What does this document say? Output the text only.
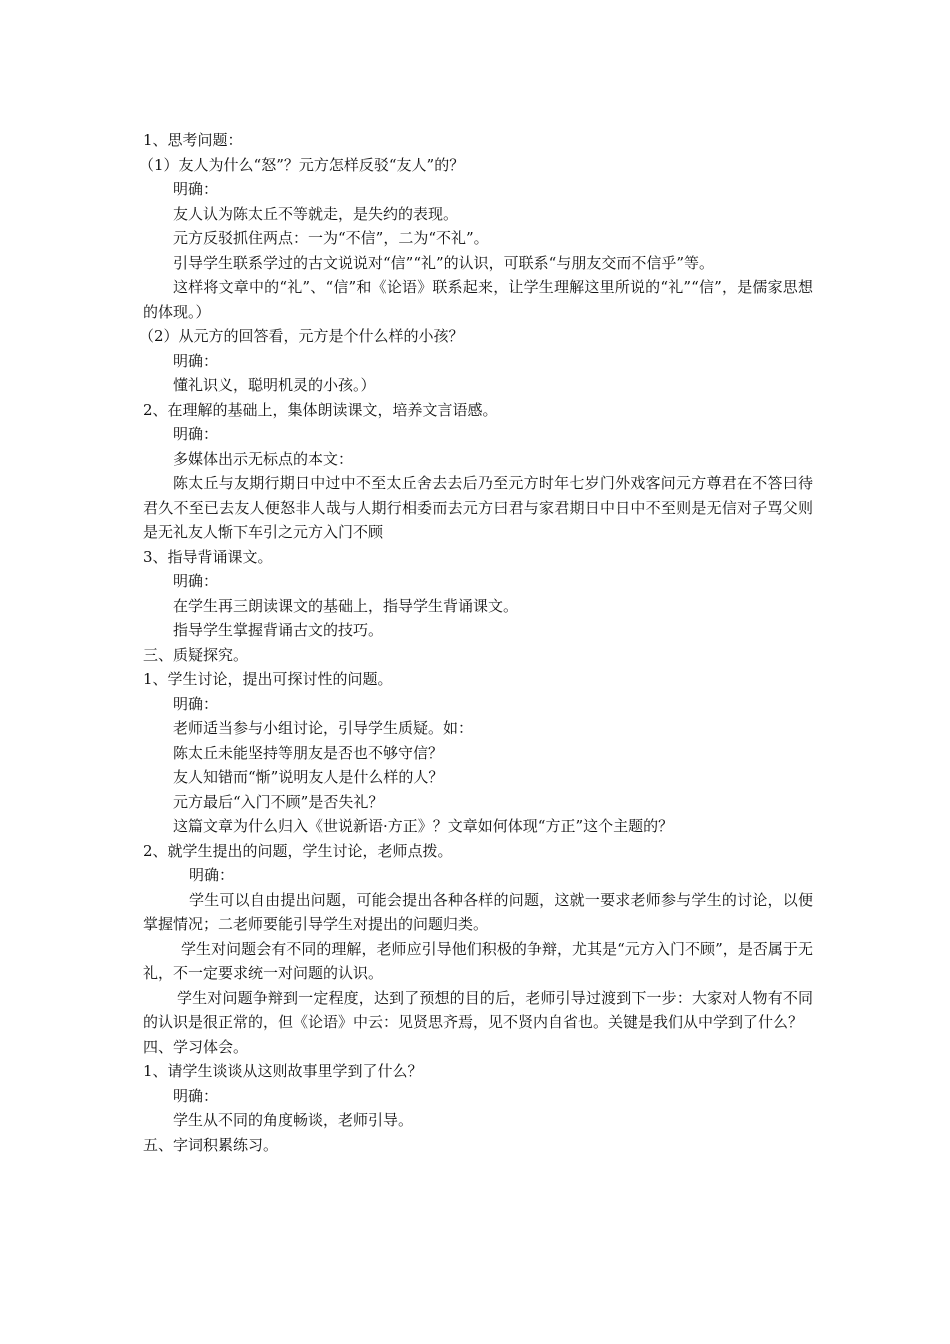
1、思考问题：
（1）友人为什么“怒”？元方怎样反驳“友人”的？
明确：
友人认为陈太丘不等就走，是失约的表现。
元方反驳抓住两点：一为“不信”，二为“不礼”。
引导学生联系学过的古文说说对“信”“礼”的认识，可联系“与朋友交而不信乎”等。
这样将文章中的“礼”、“信”和《论语》联系起来，让学生理解这里所说的“礼”“信”，是儒家思想的体现。）
（2）从元方的回答看，元方是个什么样的小孩？
明确：
懂礼识义，聪明机灵的小孩。）
2、在理解的基础上，集体朗读课文，培养文言语感。
明确：
多媒体出示无标点的本文：
陈太丘与友期行期日中过中不至太丘舍去去后乃至元方时年七岁门外戏客问元方尊君在不答曰待君久不至已去友人便怒非人哉与人期行相委而去元方曰君与家君期日中日中不至则是无信对子骂父则是无礼友人惭下车引之元方入门不顾
3、指导背诵课文。
明确：
在学生再三朗读课文的基础上，指导学生背诵课文。
指导学生掌握背诵古文的技巧。
三、质疑探究。
1、学生讨论，提出可探讨性的问题。
明确：
老师适当参与小组讨论，引导学生质疑。如：
陈太丘未能坚持等朋友是否也不够守信？
友人知错而“惭”说明友人是什么样的人？
元方最后“入门不顾”是否失礼？
这篇文章为什么归入《世说新语·方正》？文章如何体现“方正”这个主题的？
2、就学生提出的问题，学生讨论，老师点拨。
明确：
学生可以自由提出问题，可能会提出各种各样的问题，这就一要求老师参与学生的讨论，以便掌握情况；二老师要能引导学生对提出的问题归类。
学生对问题会有不同的理解，老师应引导他们积极的争辩，尤其是“元方入门不顾”，是否属于无礼，不一定要求统一对问题的认识。
学生对问题争辩到一定程度，达到了预想的目的后，老师引导过渡到下一步：大家对人物有不同的认识是很正常的，但《论语》中云：见贤思齐焉，见不贤内自省也。关键是我们从中学到了什么？
四、学习体会。
1、请学生谈谈从这则故事里学到了什么？
明确：
学生从不同的角度畅谈，老师引导。
五、字词积累练习。
